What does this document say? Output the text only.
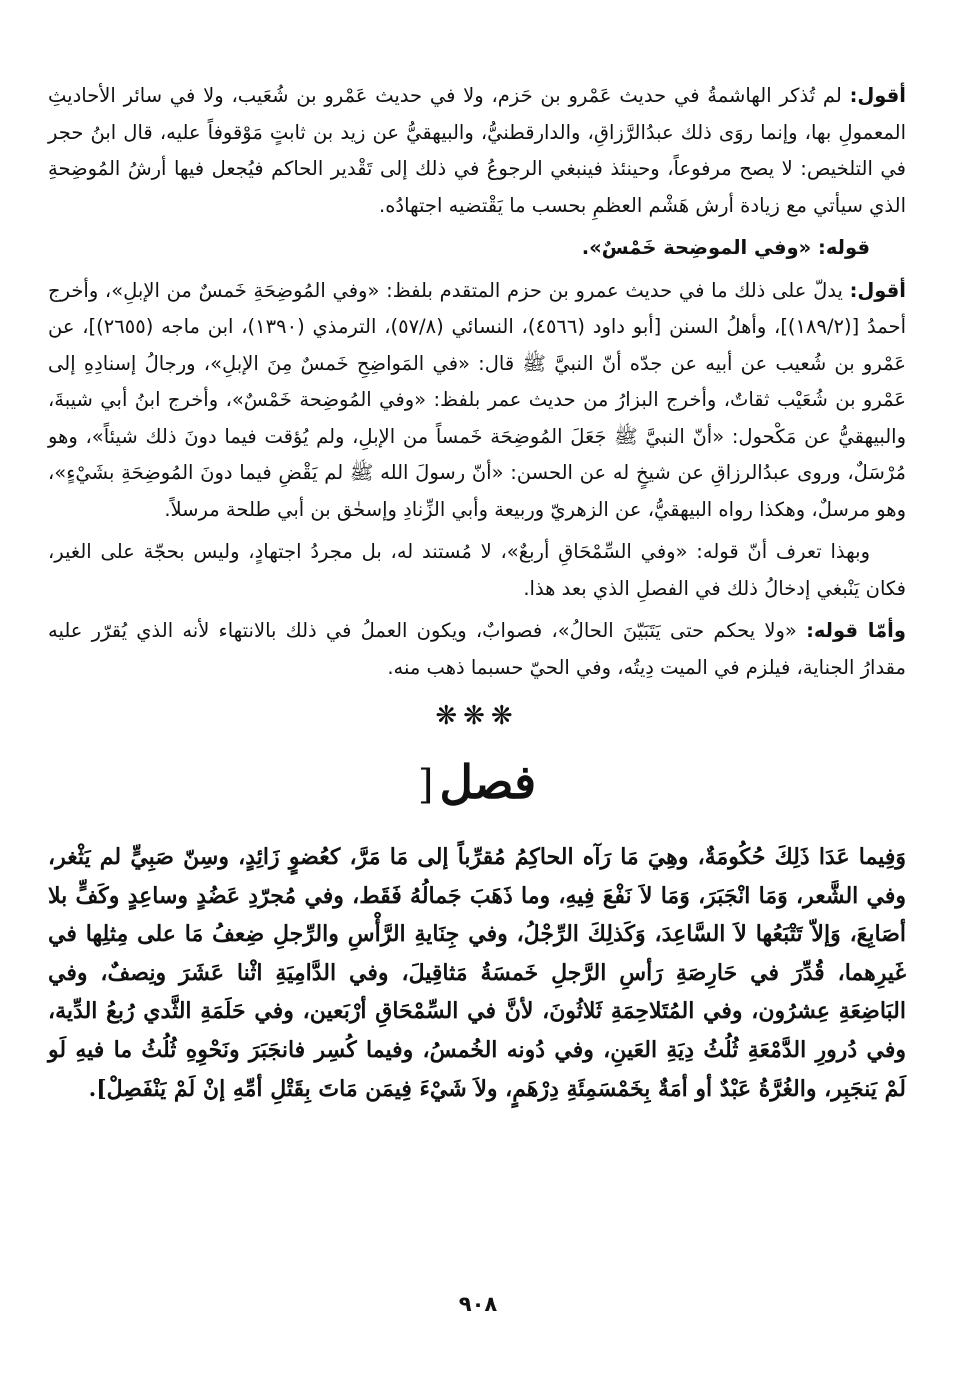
أقول: لم تُذكر الهاشمةُ في حديث عَمْرو بن حَزم، ولا في حديث عَمْرو بن شُعَيب، ولا في سائر الأحاديثِ المعمولِ بها، وإنما روَى ذلك عبدُالرَّزاقِ، والدارقطنيُّ، والبيهقيُّ عن زيد بن ثابتٍ مَوْقوفاً عليه، قال ابنُ حجر في التلخيص: لا يصح مرفوعاً، وحينئذ فينبغي الرجوعُ في ذلك إلى تَقْدير الحاكم فيُجعل فيها أرشُ المُوضِحةِ الذي سيأتي مع زيادة أرش هَشْم العظمِ بحسب ما يَقْتضيه اجتهادُه.

قوله: «وفي الموضِحة خَمْسٌ».

أقول: يدلّ على ذلك ما في حديث عمرو بن حزم المتقدم بلفظ: «وفي المُوضِحَةِ خَمسٌ من الإبلِ»، وأخرج أحمدُ [(١٨٩/٢)]، وأهلُ السنن [أبو داود (٤٥٦٦)، النسائي (٥٧/٨)، الترمذي (١٣٩٠)، ابن ماجه (٢٦٥٥)]، عن عَمْرو بن شُعيب عن أبيه عن جدّه أنّ النبيَّ ﷺ قال: «في المَواضِحِ خَمسٌ مِنَ الإبلِ»، ورجالُ إسنادِهِ إلى عَمْرو بن شُعَيْب ثقاتٌ، وأخرج البزارُ من حديث عمر بلفظ: «وفي المُوضِحة خَمْسٌ»، وأخرج ابنُ أبي شيبةَ، والبيهقيُّ عن مَكْحول: «أنّ النبيَّ ﷺ جَعَلَ المُوضِحَة خَمساً من الإبلِ، ولم يُؤقت فيما دونَ ذلك شيئاً»، وهو مُرْسَلٌ، وروى عبدُالرزاقِ عن شيخٍ له عن الحسن: «أنّ رسولَ الله ﷺ لم يَقْضِ فيما دونَ المُوضِحَةِ بشَيْءٍ»، وهو مرسلٌ، وهكذا رواه البيهقيُّ، عن الزهريّ وربيعة وأبي الزِّنادِ وإسحٰق بن أبي طلحة مرسلاً.

وبهذا تعرف أنّ قوله: «وفي السِّمْحَاقِ أربعٌ»، لا مُستند له، بل مجردُ اجتهادٍ، وليس بحجّة على الغير، فكان يَنْبغي إدخالُ ذلك في الفصلِ الذي بعد هذا.

وأمّا قوله: «ولا يحكم حتى يَتَبَيّنَ الحالُ»، فصوابٌ، ويكون العملُ في ذلك بالانتهاء لأنه الذي يُقرّر عليه مقدارُ الجناية، فيلزم في الميت دِيتُه، وفي الحيّ حسبما ذهب منه.

❋❋❋
فصل[

وَفِيما عَدَا ذَلِكَ حُكُومَةٌ، وهِيَ مَا رَآه الحاكِمُ مُقرِّباً إلى مَا مَرَّ، كعُضوٍ زَائِدٍ، وسِنّ صَبِيٍّ لم يَثْغر، وفي الشَّعر، وَمَا انْجَبَرَ، وَمَا لاَ نَفْعَ فِيهِ، وما ذَهَبَ جَمالُهُ فَقَط، وفي مُجرّدِ عَضُدٍ وساعِدٍ وكَفٍّ بلا أصَابِعَ، وَإلاّ تَتْبَعُها لاَ السَّاعِدَ، وَكَذلِكَ الرِّجْلُ، وفي جِنَايةِ الرَّأْسِ والرِّجلِ ضِعفُ مَا على مِثلِها في غَيرِهما، قُدِّرَ في حَارِصَةِ رَأسِ الرَّجلِ خَمسَةُ مَثاقِيلَ، وفي الدَّامِيَةِ اثْنا عَشَرَ ونِصفٌ، وفي البَاضِعَةِ عِشرُون، وفي المُتَلاحِمَةِ ثَلاثُونَ، لأنَّ في السِّمْحَاقِ أرْبَعين، وفي حَلَمَةِ الثَّدي رُبعُ الدِّية، وفي دُرورِ الدَّمْعَةِ ثُلُثُ دِيَةِ العَينِ، وفي دُونه الخُمسُ، وفيما كُسِر فانجَبَرَ ونَحْوِهِ ثُلُثُ ما فيهِ لَو لَمْ يَنجَبِر، والغُرَّةُ عَبْدٌ أو أمَةٌ بِخَمْسَمِئَةِ دِرْهَمٍ، ولاَ شَيْءَ فِيمَن مَاتَ بِقَتْلِ أمِّهِ إنْ لَمْ يَنْفَصِلْ].

٩٠٨
